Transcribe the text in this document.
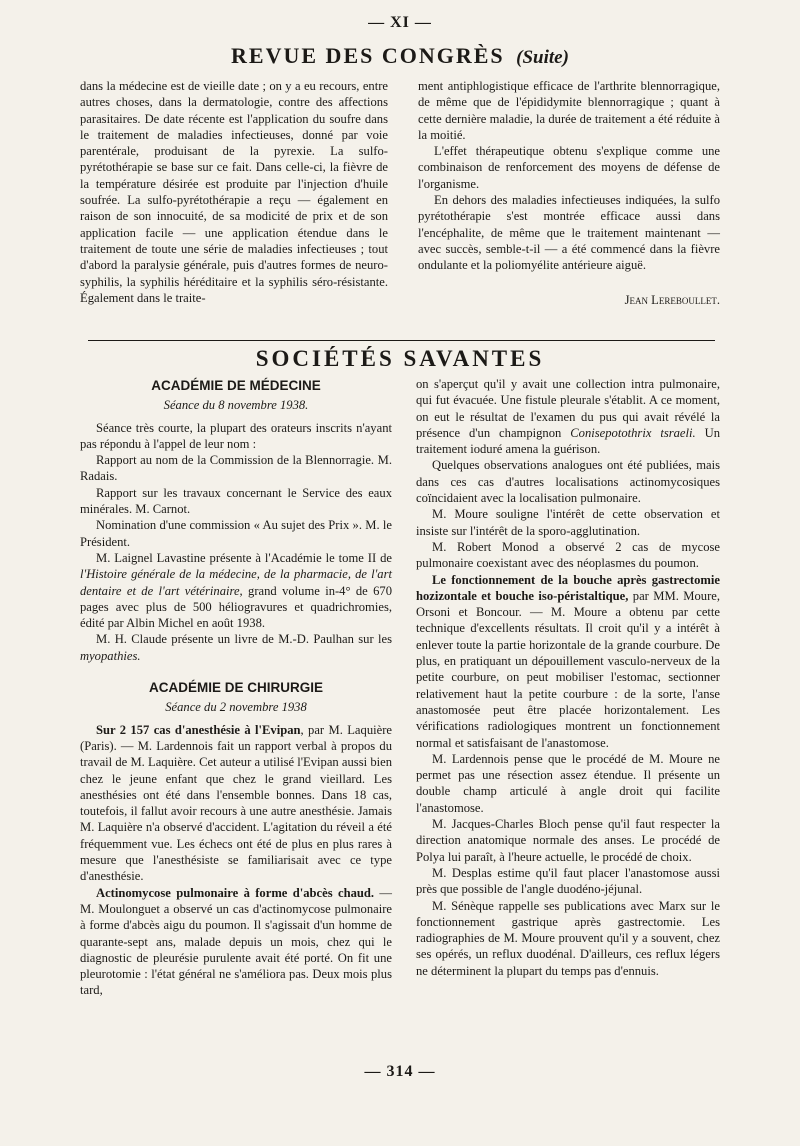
— XI —
REVUE DES CONGRÈS (Suite)

dans la médecine est de vieille date ; on y a eu recours, entre autres choses, dans la dermatologie, contre des affections parasitaires. De date récente est l'application du soufre dans le traitement de maladies infectieuses, donné par voie parentérale, produisant de la pyrexie. La sulfo-pyrétothérapie se base sur ce fait. Dans celle-ci, la fièvre de la température désirée est produite par l'injection d'huile soufrée. La sulfo-pyrétothérapie a reçu — également en raison de son innocuité, de sa modicité de prix et de son application facile — une application étendue dans le traitement de toute une série de maladies infectieuses ; tout d'abord la paralysie générale, puis d'autres formes de neuro-syphilis, la syphilis héréditaire et la syphilis séro-résistante. Également dans le traite-

ment antiphlogistique efficace de l'arthrite blennorragique, de même que de l'épididymite blennorragique ; quant à cette dernière maladie, la durée de traitement a été réduite à la moitié.

L'effet thérapeutique obtenu s'explique comme une combinaison de renforcement des moyens de défense de l'organisme.

En dehors des maladies infectieuses indiquées, la sulfo pyrétothérapie s'est montrée efficace aussi dans l'encéphalite, de même que le traitement maintenant — avec succès, semble-t-il — a été commencé dans la fièvre ondulante et la poliomyélite antérieure aiguë.

Jean Lereboullet.

SOCIÉTÉS SAVANTES

ACADÉMIE DE MÉDECINE

Séance du 8 novembre 1938.

Séance très courte, la plupart des orateurs inscrits n'ayant pas répondu à l'appel de leur nom :

Rapport au nom de la Commission de la Blennorragie. M. Radais.

Rapport sur les travaux concernant le Service des eaux minérales. M. Carnot.

Nomination d'une commission « Au sujet des Prix ». M. le Président.

M. Laignel Lavastine présente à l'Académie le tome II de l'Histoire générale de la médecine, de la pharmacie, de l'art dentaire et de l'art vétérinaire, grand volume in-4° de 670 pages avec plus de 500 héliogravures et quadrichromies, édité par Albin Michel en août 1938.

M. H. Claude présente un livre de M.-D. Paulhan sur les myopathies.

ACADÉMIE DE CHIRURGIE

Séance du 2 novembre 1938

Sur 2 157 cas d'anesthésie à l'Evipan, par M. Laquière (Paris). — M. Lardennois fait un rapport verbal à propos du travail de M. Laquière. Cet auteur a utilisé l'Evipan aussi bien chez le jeune enfant que chez le grand vieillard. Les anesthésies ont été dans l'ensemble bonnes. Dans 18 cas, toutefois, il fallut avoir recours à une autre anesthésie. Jamais M. Laquière n'a observé d'accident. L'agitation du réveil a été fréquemment vue. Les échecs ont été de plus en plus rares à mesure que l'anesthésiste se familiarisait avec ce type d'anesthésie.

Actinomycose pulmonaire à forme d'abcès chaud. — M. Moulonguet a observé un cas d'actinomycose pulmonaire à forme d'abcès aigu du poumon. Il s'agissait d'un homme de quarante-sept ans, malade depuis un mois, chez qui le diagnostic de pleurésie purulente avait été porté. On fit une pleurotomie : l'état général ne s'améliora pas. Deux mois plus tard,

on s'aperçut qu'il y avait une collection intra pulmonaire, qui fut évacuée. Une fistule pleurale s'établit. A ce moment, on eut le résultat de l'examen du pus qui avait révélé la présence d'un champignon Conisepotothrix tsraeli. Un traitement ioduré amena la guérison.

Quelques observations analogues ont été publiées, mais dans ces cas d'autres localisations actinomycosiques coïncidaient avec la localisation pulmonaire.

M. Moure souligne l'intérêt de cette observation et insiste sur l'intérêt de la sporo-agglutination.

M. Robert Monod a observé 2 cas de mycose pulmonaire coexistant avec des néoplasmes du poumon.

Le fonctionnement de la bouche après gastrectomie hozizontale et bouche iso-péristaltique, par MM. Moure, Orsoni et Boncour. — M. Moure a obtenu par cette technique d'excellents résultats. Il croit qu'il y a intérêt à enlever toute la partie horizontale de la grande courbure. De plus, en pratiquant un dépouillement vasculo-nerveux de la petite courbure, on peut mobiliser l'estomac, sectionner relativement haut la petite courbure : de la sorte, l'anse anastomosée peut être placée horizontalement. Les vérifications radiologiques montrent un fonctionnement normal et satisfaisant de l'anastomose.

M. Lardennois pense que le procédé de M. Moure ne permet pas une résection assez étendue. Il présente un double champ articulé à angle droit qui facilite l'anastomose.

M. Jacques-Charles Bloch pense qu'il faut respecter la direction anatomique normale des anses. Le procédé de Polya lui paraît, à l'heure actuelle, le procédé de choix.

M. Desplas estime qu'il faut placer l'anastomose aussi près que possible de l'angle duodéno-jéjunal.

M. Sénèque rappelle ses publications avec Marx sur le fonctionnement gastrique après gastrectomie. Les radiographies de M. Moure prouvent qu'il y a souvent, chez ses opérés, un reflux duodénal. D'ailleurs, ces reflux légers ne déterminent la plupart du temps pas d'ennuis.

— 314 —
